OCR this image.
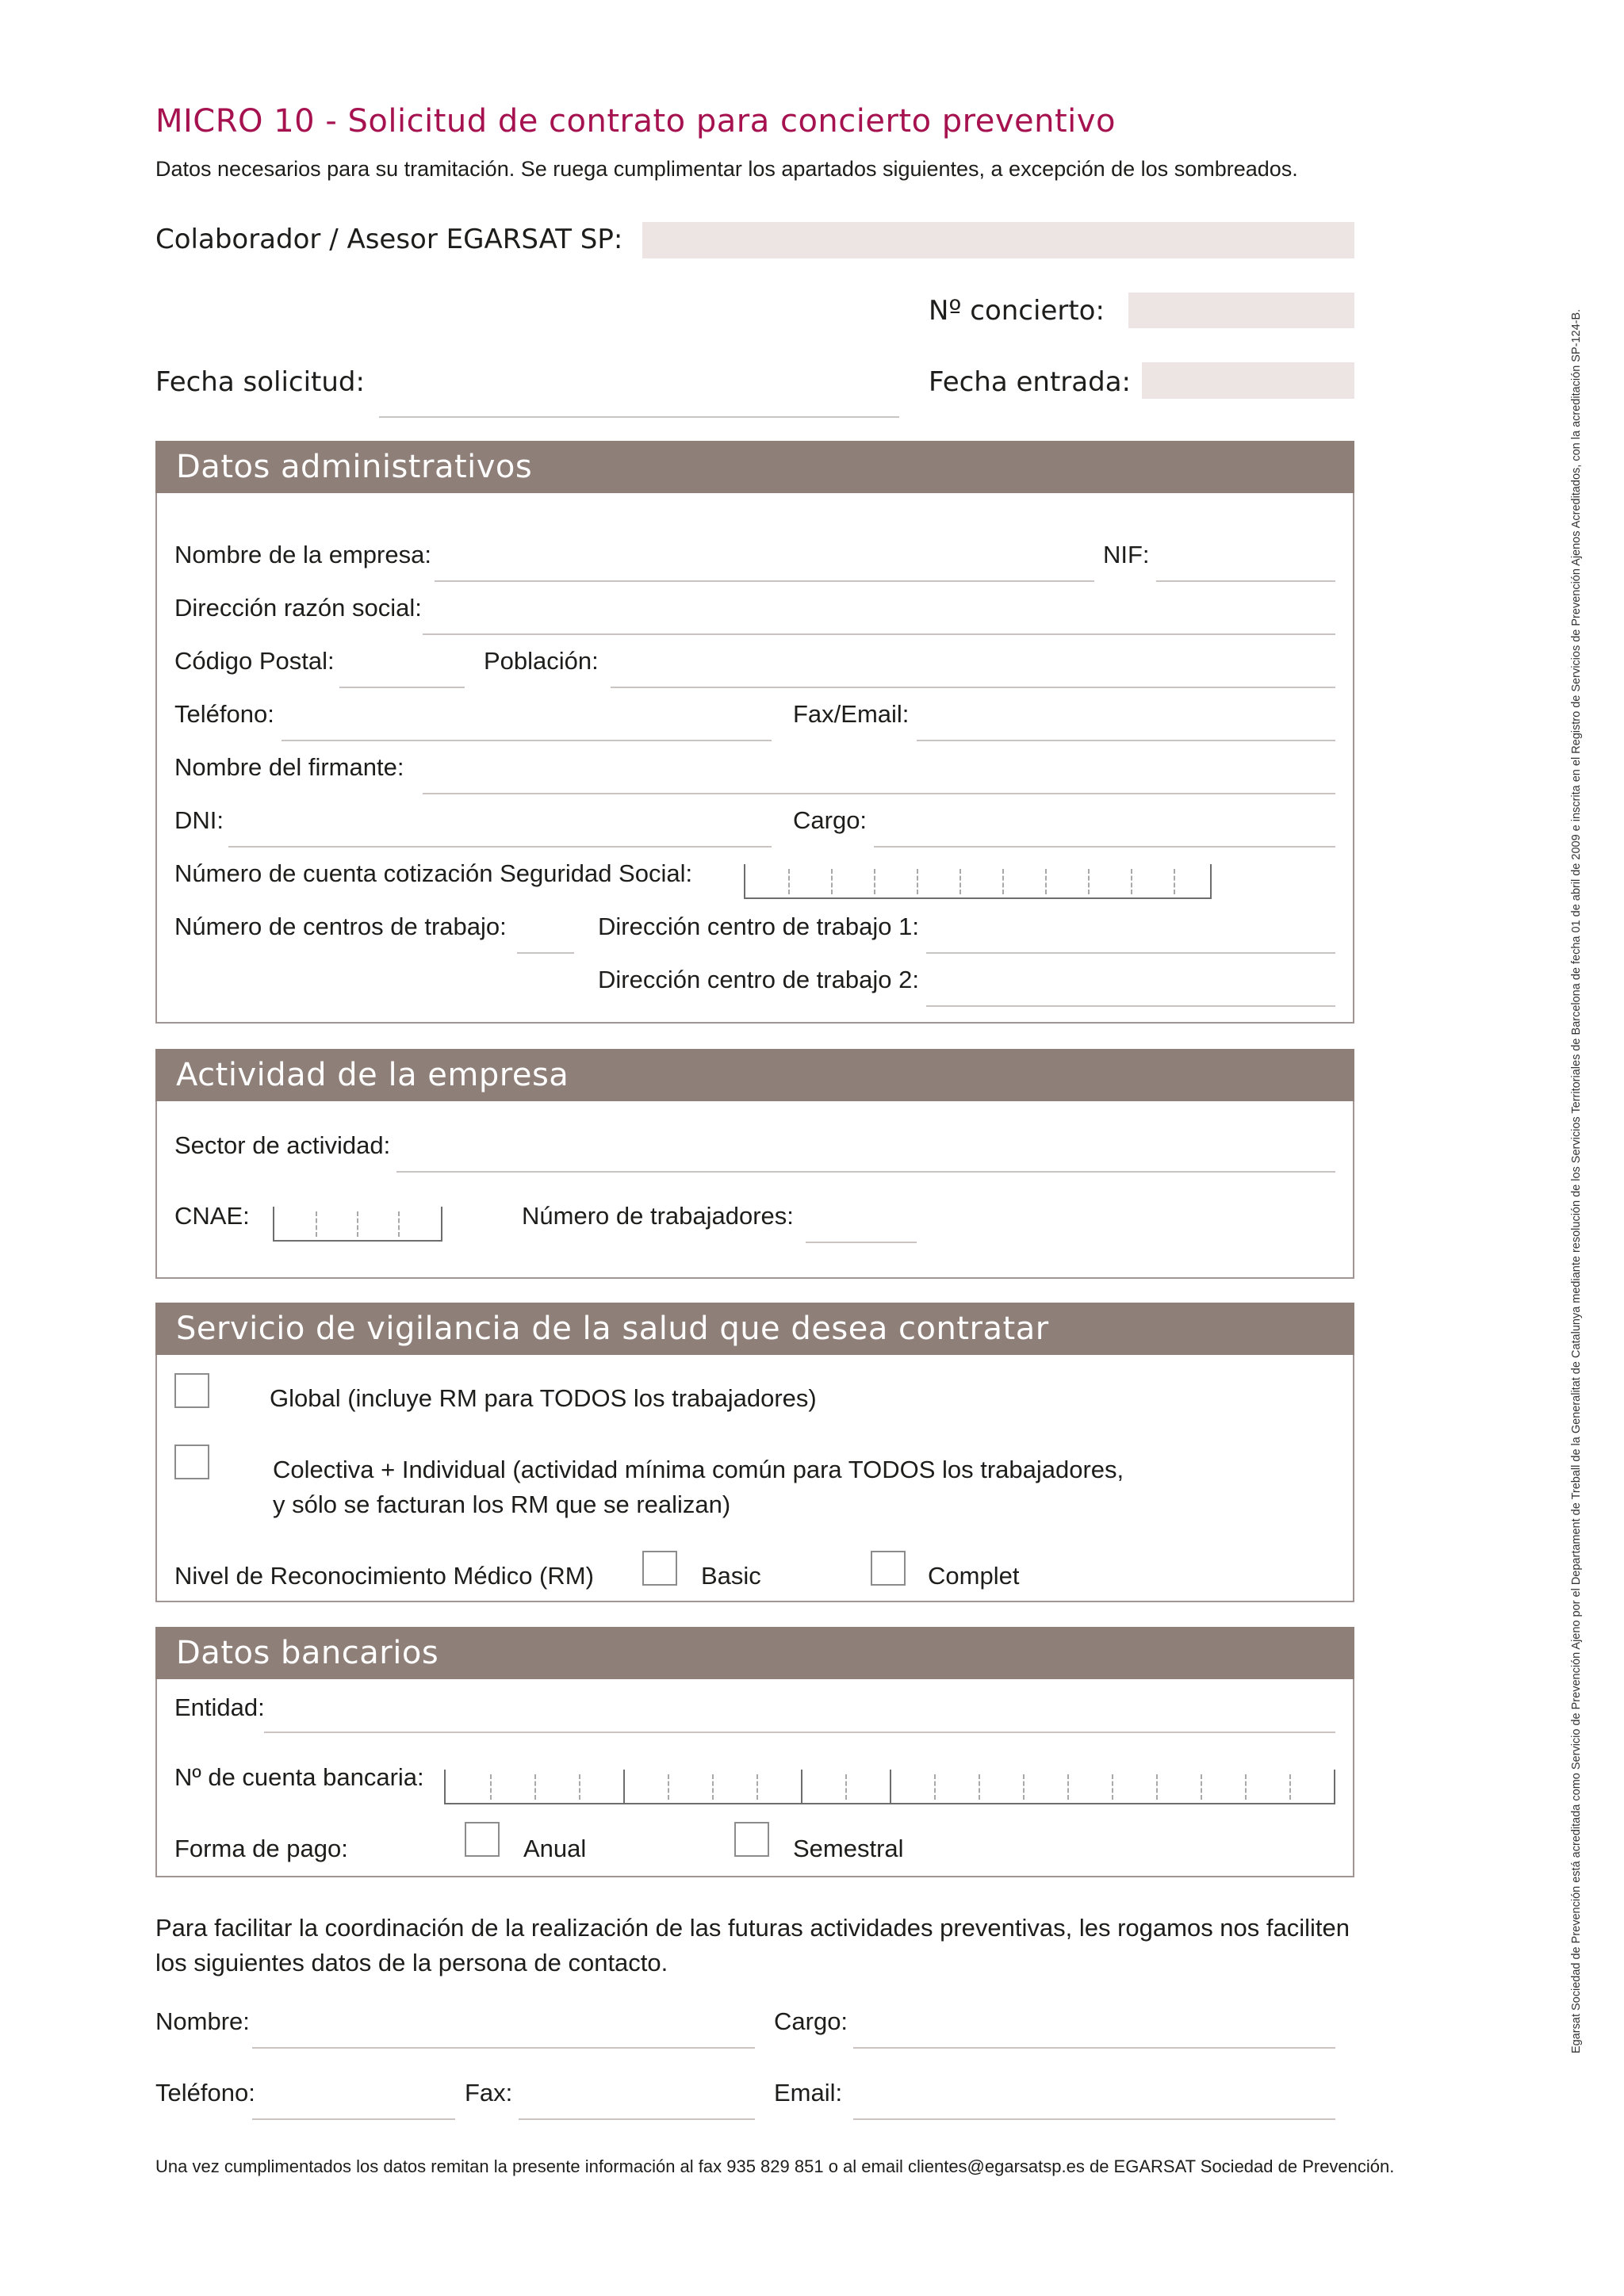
MICRO 10 - Solicitud de contrato para concierto preventivo
Datos necesarios para su tramitación. Se ruega cumplimentar los apartados siguientes, a excepción de los sombreados.
Colaborador / Asesor EGARSAT SP:
Nº concierto:
Fecha solicitud:	Fecha entrada:
Datos administrativos
Nombre de la empresa:	NIF:
Dirección razón social:
Código Postal:	Población:
Teléfono:	Fax/Email:
Nombre del firmante:
DNI:	Cargo:
Número de cuenta cotización Seguridad Social:
Número de centros de trabajo:	Dirección centro de trabajo 1:
Dirección centro de trabajo 2:
Actividad de la empresa
Sector de actividad:
CNAE:	Número de trabajadores:
Servicio de vigilancia de la salud que desea contratar
Global (incluye RM para TODOS los trabajadores)
Colectiva + Individual (actividad mínima común para TODOS los trabajadores,
y sólo se facturan los RM que se realizan)
Nivel de Reconocimiento Médico (RM)	Basic	Complet
Datos bancarios
Entidad:
Nº de cuenta bancaria:
Forma de pago:	Anual	Semestral
Para facilitar la coordinación de la realización de las futuras actividades preventivas, les rogamos nos faciliten
los siguientes datos de la persona de contacto.
Nombre:	Cargo:
Teléfono:	Fax:	Email:
Una vez cumplimentados los datos remitan la presente información al fax 935 829 851 o al email clientes@egarsatsp.es de EGARSAT Sociedad de Prevención.
Egarsat Sociedad de Prevención está acreditada como Servicio de Prevención Ajeno por el Departament de Treball de la Generalitat de Catalunya mediante resolución de los Servicios Territoriales de Barcelona de fecha 01 de abril de 2009 e inscrita en el Registro de Servicios de Prevención Ajenos Acreditados, con la acreditación SP-124-B.
